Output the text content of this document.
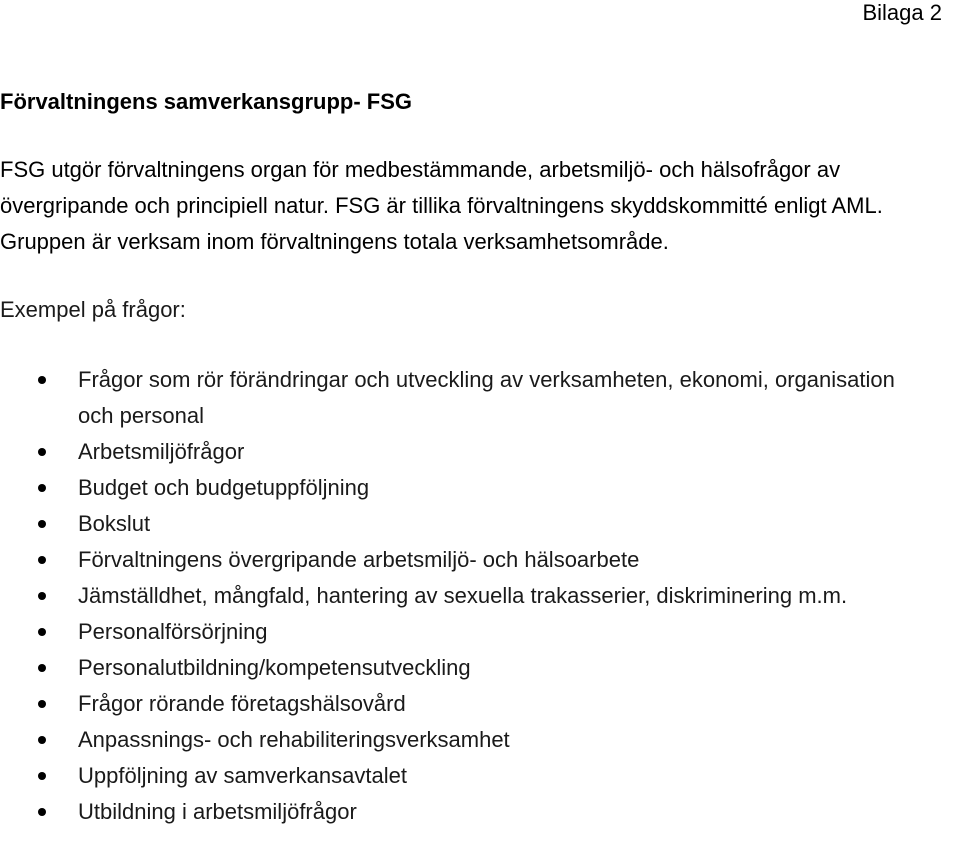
Bilaga 2
Förvaltningens samverkansgrupp- FSG

FSG utgör förvaltningens organ för medbestämmande, arbetsmiljö- och hälsofrågor av övergripande och principiell natur. FSG är tillika förvaltningens skyddskommitté enligt AML. Gruppen är verksam inom förvaltningens totala verksamhetsområde.

Exempel på frågor:

Frågor som rör förändringar och utveckling av verksamheten, ekonomi, organisation och personal
Arbetsmiljöfrågor
Budget och budgetuppföljning
Bokslut
Förvaltningens övergripande arbetsmiljö- och hälsoarbete
Jämställdhet, mångfald, hantering av sexuella trakasserier, diskriminering m.m.
Personalförsörjning
Personalutbildning/kompetensutveckling
Frågor rörande företagshälsovård
Anpassnings- och rehabiliteringsverksamhet
Uppföljning av samverkansavtalet
Utbildning i arbetsmiljöfrågor
